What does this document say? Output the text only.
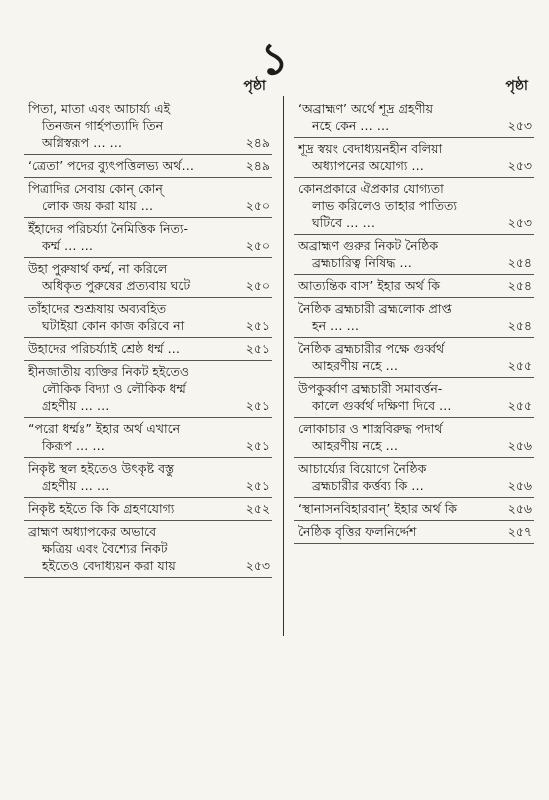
১
পৃষ্ঠা
পিতা, মাতা এবং আচার্য্য এই
তিনজন গার্হপত্যাদি তিন
অগ্নিস্বরূপ … …	২৪৯
‘ত্রেতা’ পদের ব্যুৎপত্তিলভ্য অর্থ…	২৪৯
পিত্রাদির সেবায় কোন্ কোন্
লোক জয় করা যায় …	২৫০
ইঁহাদের পরিচর্য্যা নৈমিত্তিক নিত্য-
কর্ম্ম … …	২৫০
উহা পুরুষার্থ কর্ম্ম, না করিলে
অধিকৃত পুরুষের প্রত্যবায় ঘটে	২৫০
তাঁহাদের শুশ্রূষায় অব্যবহিত
ঘটাইয়া কোন কাজ করিবে না	২৫১
উহাদের পরিচর্য্যাই শ্রেষ্ঠ ধর্ম্ম …	২৫১
হীনজাতীয় ব্যক্তির নিকট হইতেও
লৌকিক বিদ্যা ও লৌকিক ধর্ম্ম
গ্রহণীয় … …	২৫১
“পরো ধর্ম্মঃ” ইহার অর্থ এখানে
কিরূপ … …	২৫১
নিকৃষ্ট স্থল হইতেও উৎকৃষ্ট বস্তু
গ্রহণীয় … …	২৫১
নিকৃষ্ট হইতে কি কি গ্রহণযোগ্য	২৫২
ব্রাহ্মণ অধ্যাপকের অভাবে
ক্ষত্রিয় এবং বৈশ্যের নিকট
হইতেও বেদাধ্যয়ন করা যায়	২৫৩
পৃষ্ঠা
‘অব্রাহ্মণ’ অর্থে শূদ্র গ্রহণীয়
নহে কেন … …	২৫৩
শূদ্র স্বয়ং বেদাধ্যয়নহীন বলিয়া
অধ্যাপনের অযোগ্য …	২৫৩
কোনপ্রকারে ঐপ্রকার যোগ্যতা
লাভ করিলেও তাহার পাতিত্য
ঘটিবে … …	২৫৩
অব্রাহ্মণ গুরুর নিকট নৈষ্ঠিক
ব্রহ্মচারিত্ব নিষিদ্ধ …	২৫৪
আত্যন্তিক বাস’ ইহার অর্থ কি	২৫৪
নৈষ্ঠিক ব্রহ্মচারী ব্রহ্মলোক প্রাপ্ত
হন … …	২৫৪
নৈষ্ঠিক ব্রহ্মচারীর পক্ষে গুর্ব্বর্থ
আহরণীয় নহে …	২৫৫
উপকুর্ব্বাণ ব্রহ্মচারী সমাবর্ত্তন-
কালে গুর্ব্বর্থ দক্ষিণা দিবে …	২৫৫
লোকাচার ও শাস্ত্রবিরুদ্ধ পদার্থ
আহরণীয় নহে …	২৫৬
আচার্য্যের বিয়োগে নৈষ্ঠিক
ব্রহ্মচারীর কর্ত্তব্য কি …	২৫৬
‘স্থানাসনবিহারবান্’ ইহার অর্থ কি	২৫৬
নৈষ্ঠিক বৃত্তির ফলনির্দ্দেশ	২৫৭
